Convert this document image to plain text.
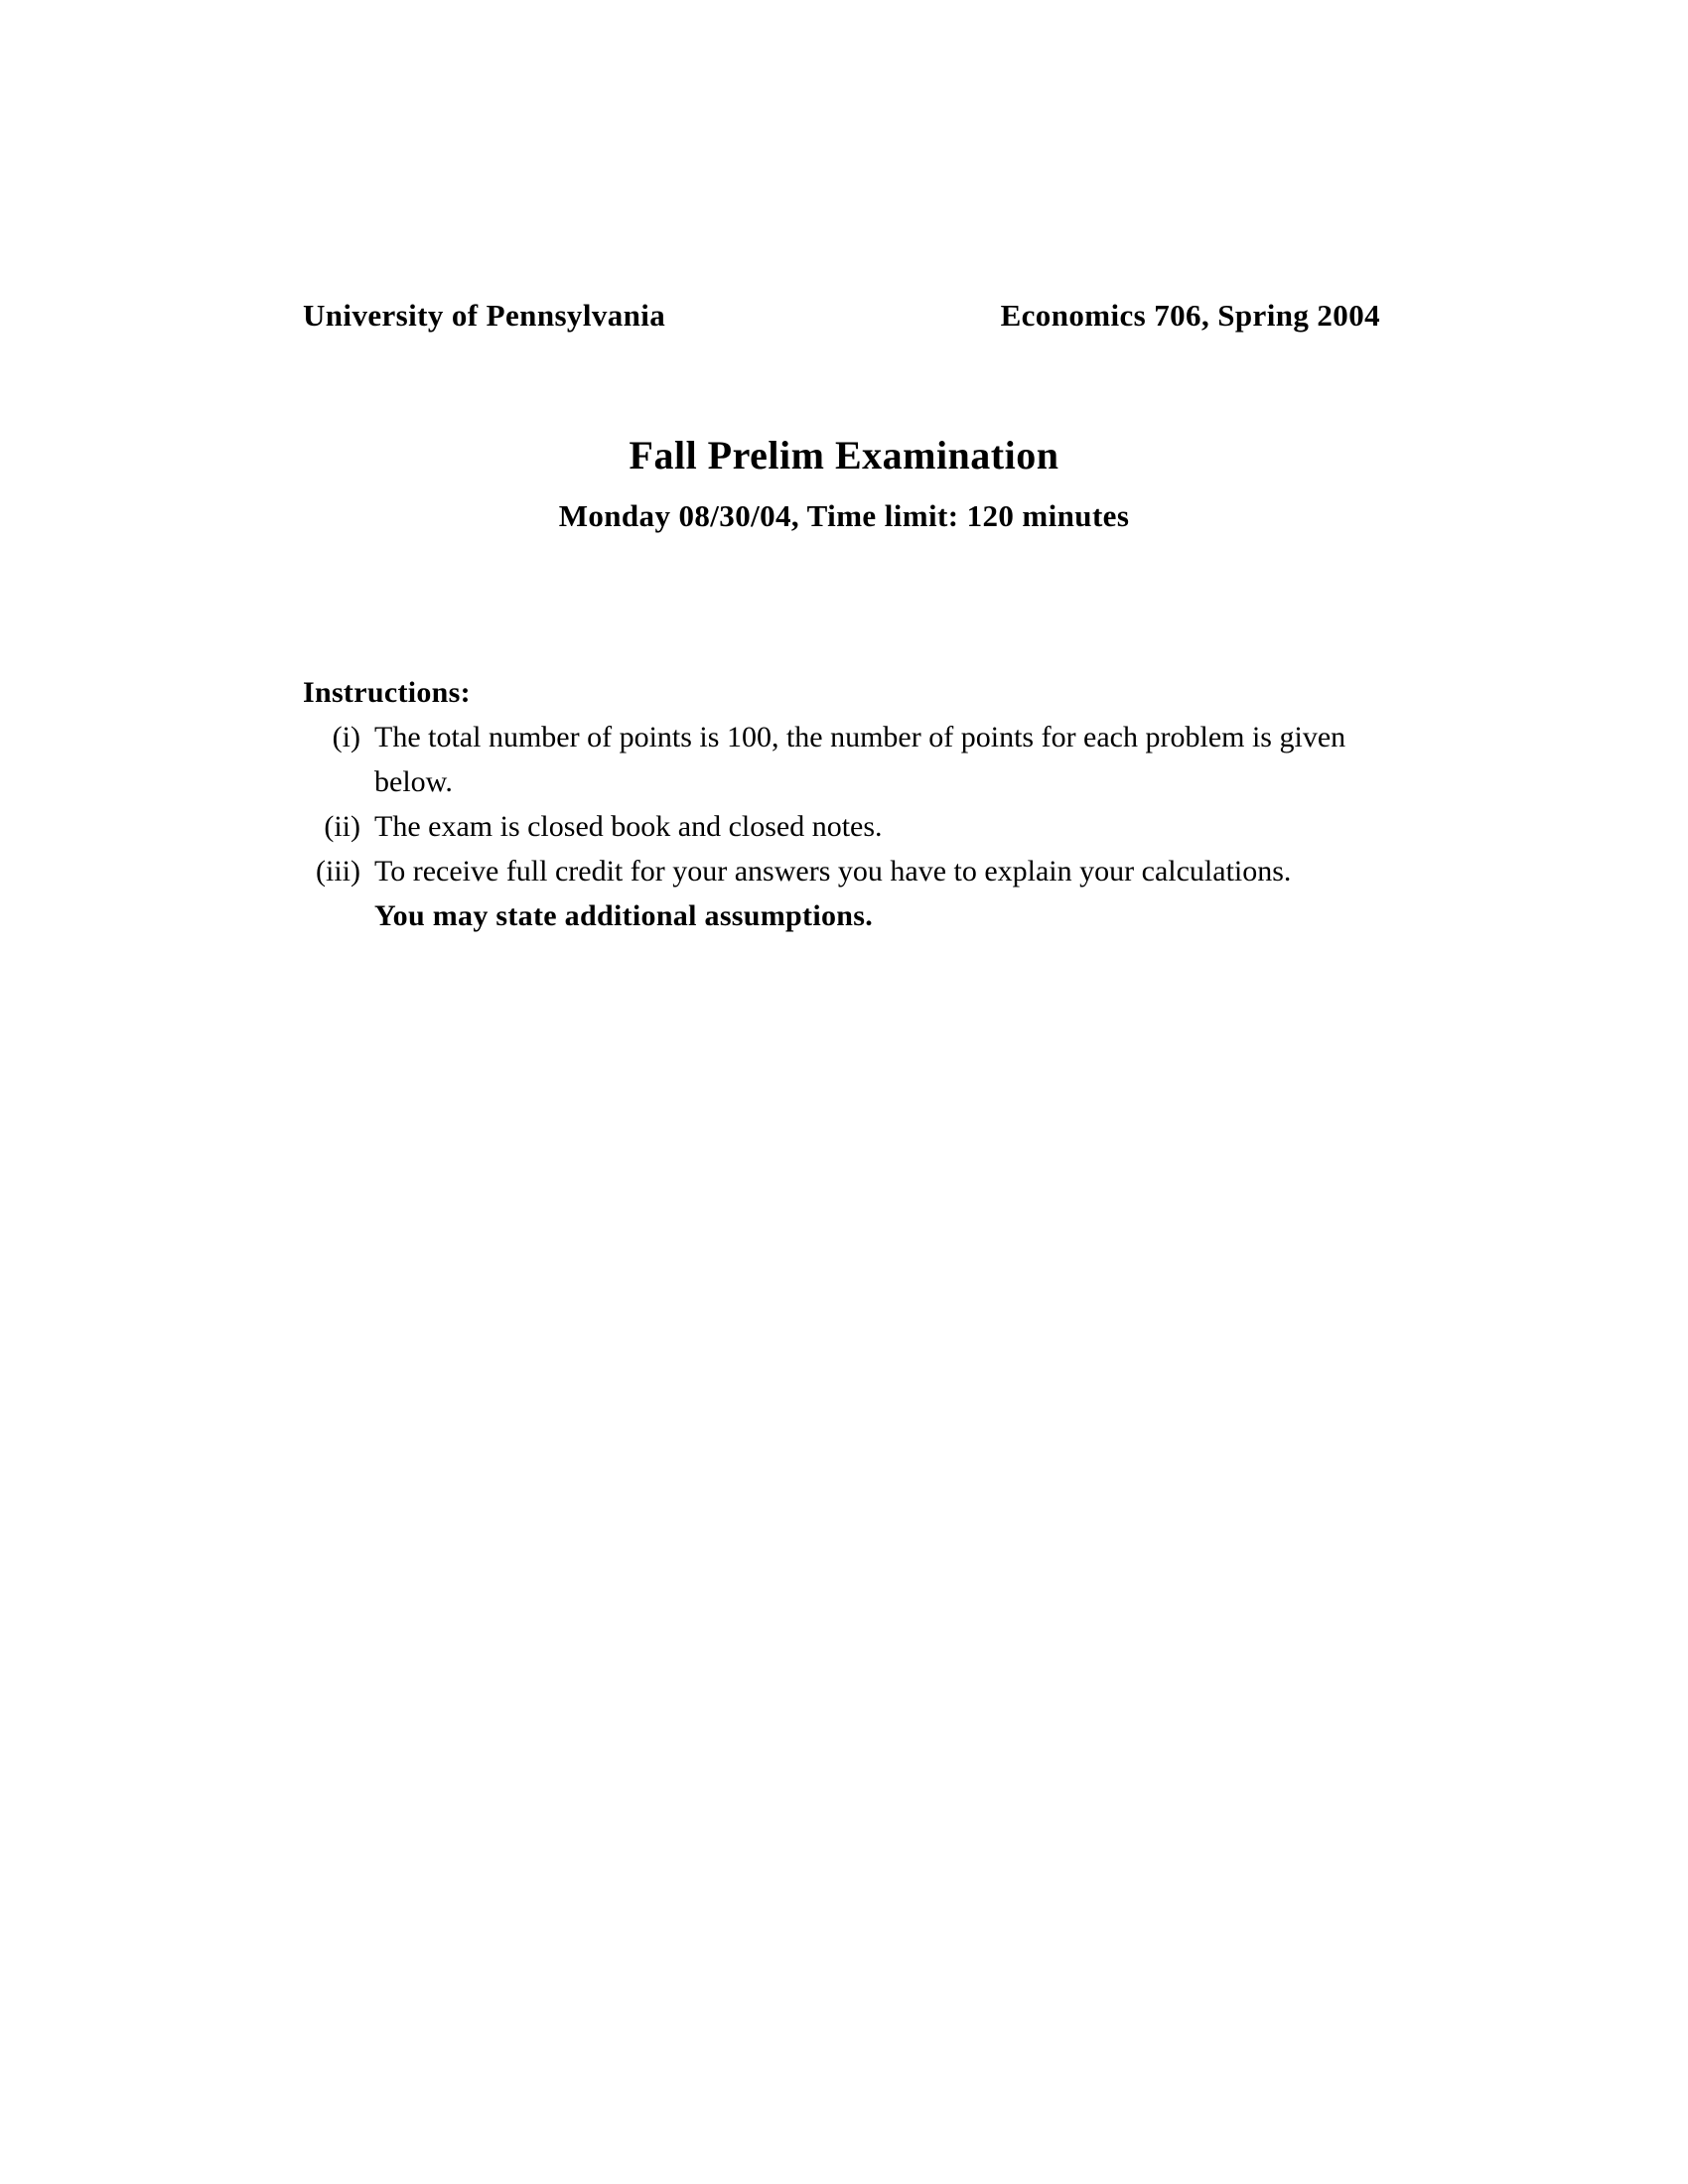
University of Pennsylvania	Economics 706, Spring 2004
Fall Prelim Examination
Monday 08/30/04, Time limit: 120 minutes
Instructions:
(i) The total number of points is 100, the number of points for each problem is given below.
(ii) The exam is closed book and closed notes.
(iii) To receive full credit for your answers you have to explain your calculations.
You may state additional assumptions.
